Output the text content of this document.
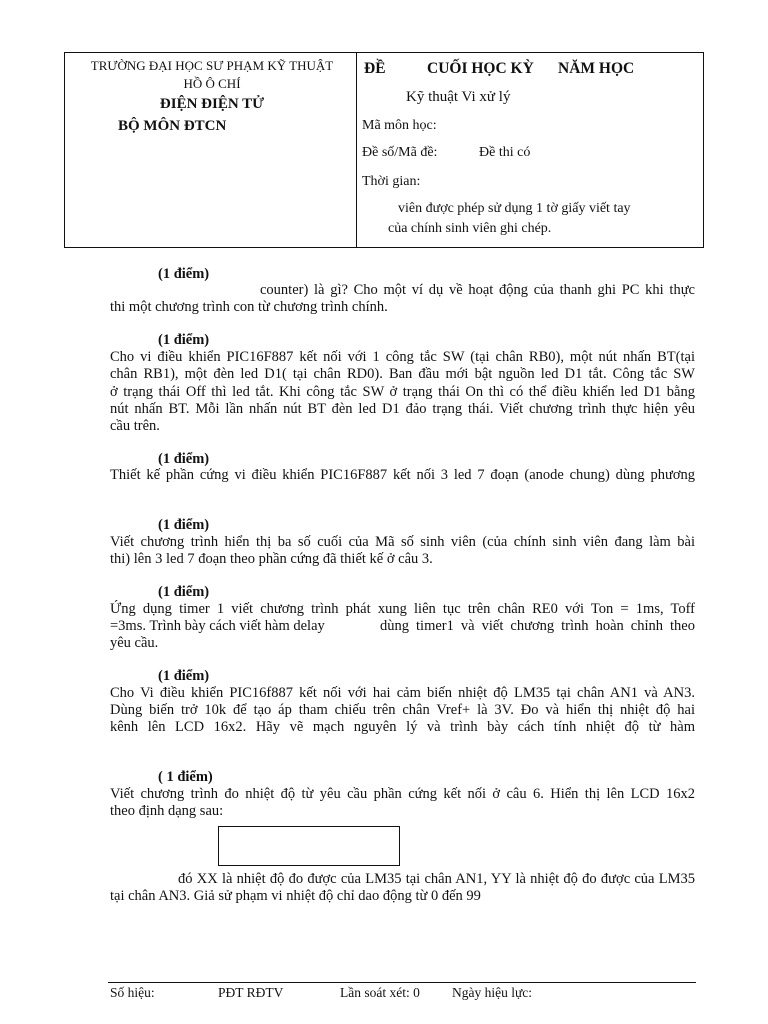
TRƯỜNG ĐẠI HỌC SƯ PHẠM KỸ THUẬT
HỒ Ô CHÍ
ĐIỆN ĐIỆN TỬ
BỘ MÔN ĐTCN
ĐỀ	CUỐI HỌC KỲ NĂM HỌC
Kỹ thuật Vi xử lý
Mã môn học:
Đề số/Mã đề:	Đề thi có
Thời gian:
viên được phép sử dụng 1 tờ giấy viết tay
của chính sinh viên ghi chép.
(1 điểm)
counter) là gì? Cho một ví dụ về hoạt động của thanh ghi PC khi thực
thi một chương trình con từ chương trình chính.
(1 điểm)
Cho vi điều khiển PIC16F887 kết nối với 1 công tắc SW (tại chân RB0), một nút nhấn BT(tại
chân RB1), một đèn led D1( tại chân RD0). Ban đầu mới bật nguồn led D1 tắt. Công tắc SW
ở trạng thái Off thì led tắt. Khi công tắc SW ở trạng thái On thì có thể điều khiển led D1 bằng
nút nhấn BT. Mỗi lần nhấn nút BT đèn led D1 đảo trạng thái. Viết chương trình thực hiện yêu
cầu trên.
(1 điểm)
Thiết kế phần cứng vi điều khiển PIC16F887 kết nối 3 led 7 đoạn (anode chung) dùng phương
(1 điểm)
Viết chương trình hiển thị ba số cuối của Mã số sinh viên (của chính sinh viên đang làm bài
thi) lên 3 led 7 đoạn theo phần cứng đã thiết kế ở câu 3.
(1 điểm)
Ứng dụng timer 1 viết chương trình phát xung liên tục trên chân RE0 với Ton = 1ms, Toff
=3ms. Trình bày cách viết hàm delay	dùng timer1 và viết chương trình hoàn chỉnh theo
yêu cầu.
(1 điểm)
Cho Vi điều khiển PIC16f887 kết nối với hai cảm biến nhiệt độ LM35 tại chân AN1 và AN3.
Dùng biến trở 10k để tạo áp tham chiếu trên chân Vref+ là 3V. Đo và hiển thị nhiệt độ hai
kênh lên LCD 16x2. Hãy vẽ mạch nguyên lý và trình bày cách tính nhiệt độ từ hàm
( 1 điểm)
Viết chương trình đo nhiệt độ từ yêu cầu phần cứng kết nối ở câu 6. Hiển thị lên LCD 16x2
theo định dạng sau:
đó XX là nhiệt độ đo được của LM35 tại chân AN1, YY là nhiệt độ đo được của LM35
tại chân AN3. Giả sử phạm vi nhiệt độ chỉ dao động từ 0 đến 99
Số hiệu:	PĐT RĐTV	Lần soát xét: 0 Ngày hiệu lực:
